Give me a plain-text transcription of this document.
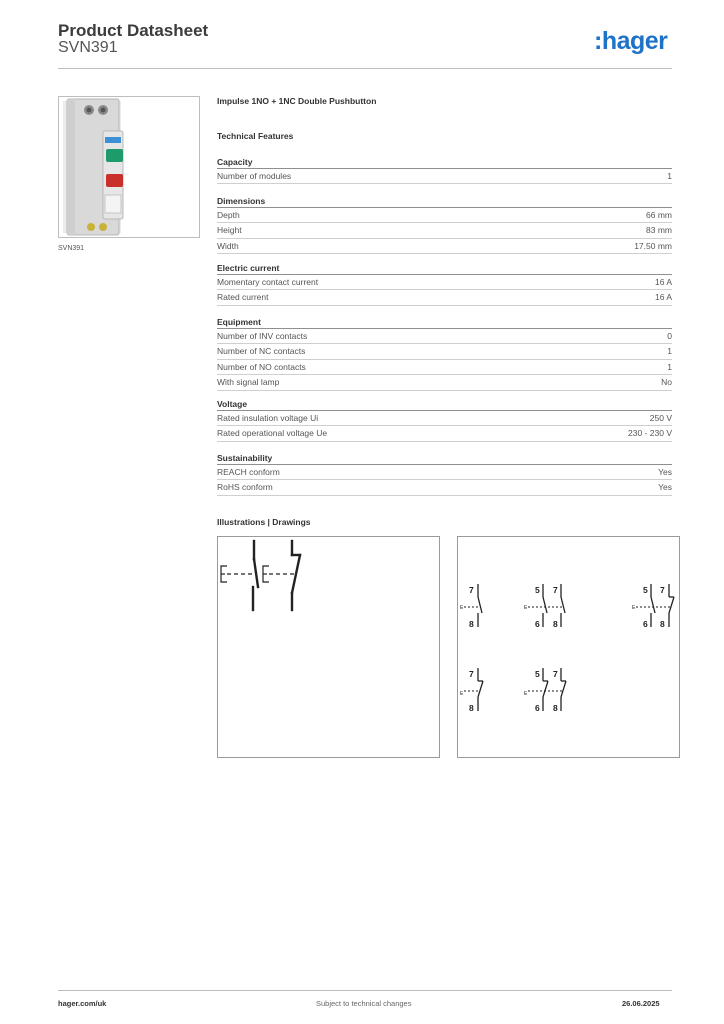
Product Datasheet
SVN391	:hager
SVN391
Impulse 1NO + 1NC Double Pushbutton
Technical Features
Capacity
Number of modules	1
Dimensions
Depth	66 mm
Height	83 mm
Width	17.50 mm
Electric current
Momentary contact current	16 A
Rated current	16 A
Equipment
Number of INV contacts	0
Number of NC contacts	1
Number of NO contacts	1
With signal lamp	No
Voltage
Rated insulation voltage Ui	250 V
Rated operational voltage Ue	230 - 230 V
Sustainability
REACH conform	Yes
RoHS conform	Yes
Illustrations | Drawings
7
8
E
5
6
7
8
E
5
6
7
8
E
7
8
E
5
6
7
8
E
hager.com/uk	Subject to technical changes	26.06.2025
